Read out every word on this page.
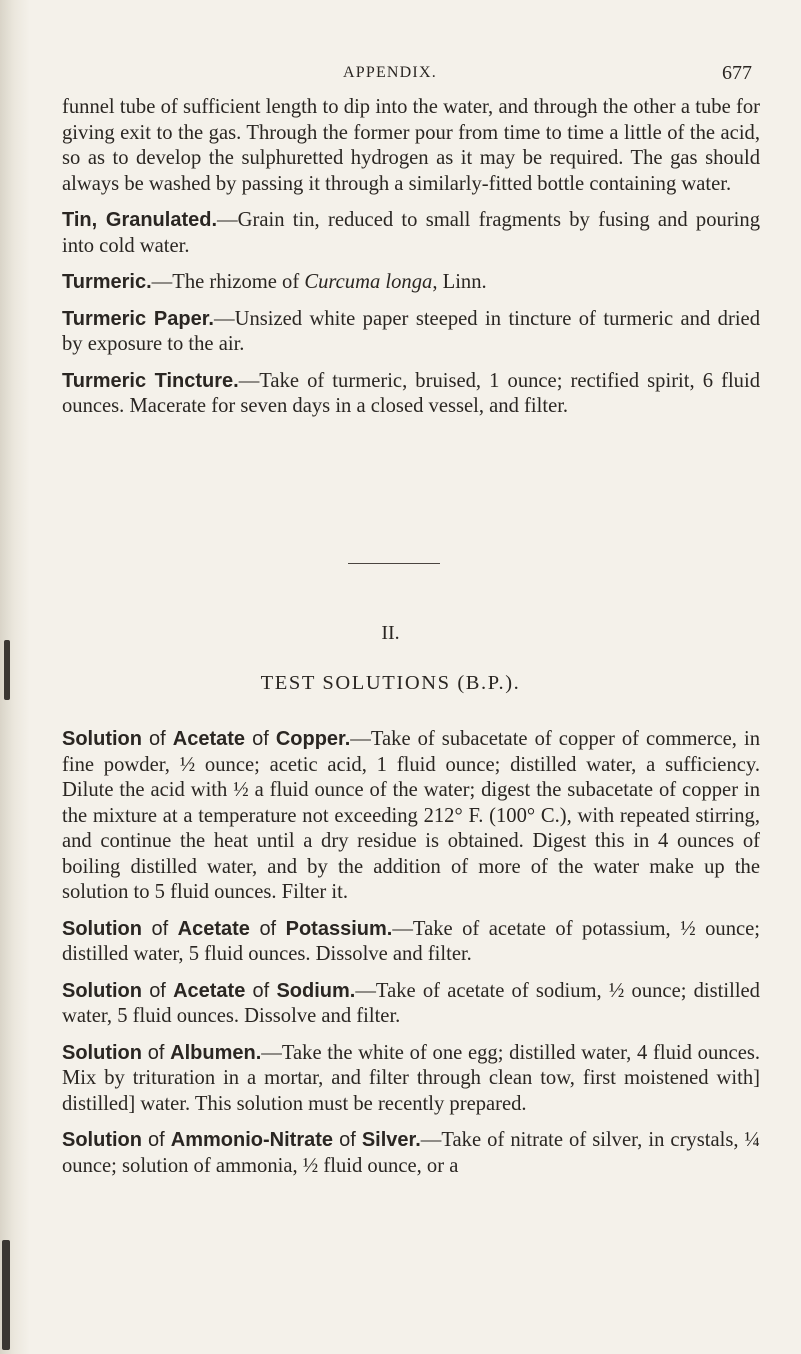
APPENDIX.	677

funnel tube of sufficient length to dip into the water, and through the other a tube for giving exit to the gas. Through the former pour from time to time a little of the acid, so as to develop the sulphuretted hydrogen as it may be required. The gas should always be washed by passing it through a similarly-fitted bottle containing water.

Tin, Granulated.—Grain tin, reduced to small fragments by fusing and pouring into cold water.

Turmeric.—The rhizome of Curcuma longa, Linn.

Turmeric Paper.—Unsized white paper steeped in tincture of turmeric and dried by exposure to the air.

Turmeric Tincture.—Take of turmeric, bruised, 1 ounce; rectified spirit, 6 fluid ounces. Macerate for seven days in a closed vessel, and filter.

II.
TEST SOLUTIONS (B.P.).

Solution of Acetate of Copper.—Take of subacetate of copper of commerce, in fine powder, ½ ounce; acetic acid, 1 fluid ounce; distilled water, a sufficiency. Dilute the acid with ½ a fluid ounce of the water; digest the subacetate of copper in the mixture at a temperature not exceeding 212° F. (100° C.), with repeated stirring, and continue the heat until a dry residue is obtained. Digest this in 4 ounces of boiling distilled water, and by the addition of more of the water make up the solution to 5 fluid ounces. Filter it.

Solution of Acetate of Potassium.—Take of acetate of potassium, ½ ounce; distilled water, 5 fluid ounces. Dissolve and filter.

Solution of Acetate of Sodium.—Take of acetate of sodium, ½ ounce; distilled water, 5 fluid ounces. Dissolve and filter.

Solution of Albumen.—Take the white of one egg; distilled water, 4 fluid ounces. Mix by trituration in a mortar, and filter through clean tow, first moistened with] distilled] water. This solution must be recently prepared.

Solution of Ammonio-Nitrate of Silver.—Take of nitrate of silver, in crystals, ¼ ounce; solution of ammonia, ½ fluid ounce, or a
